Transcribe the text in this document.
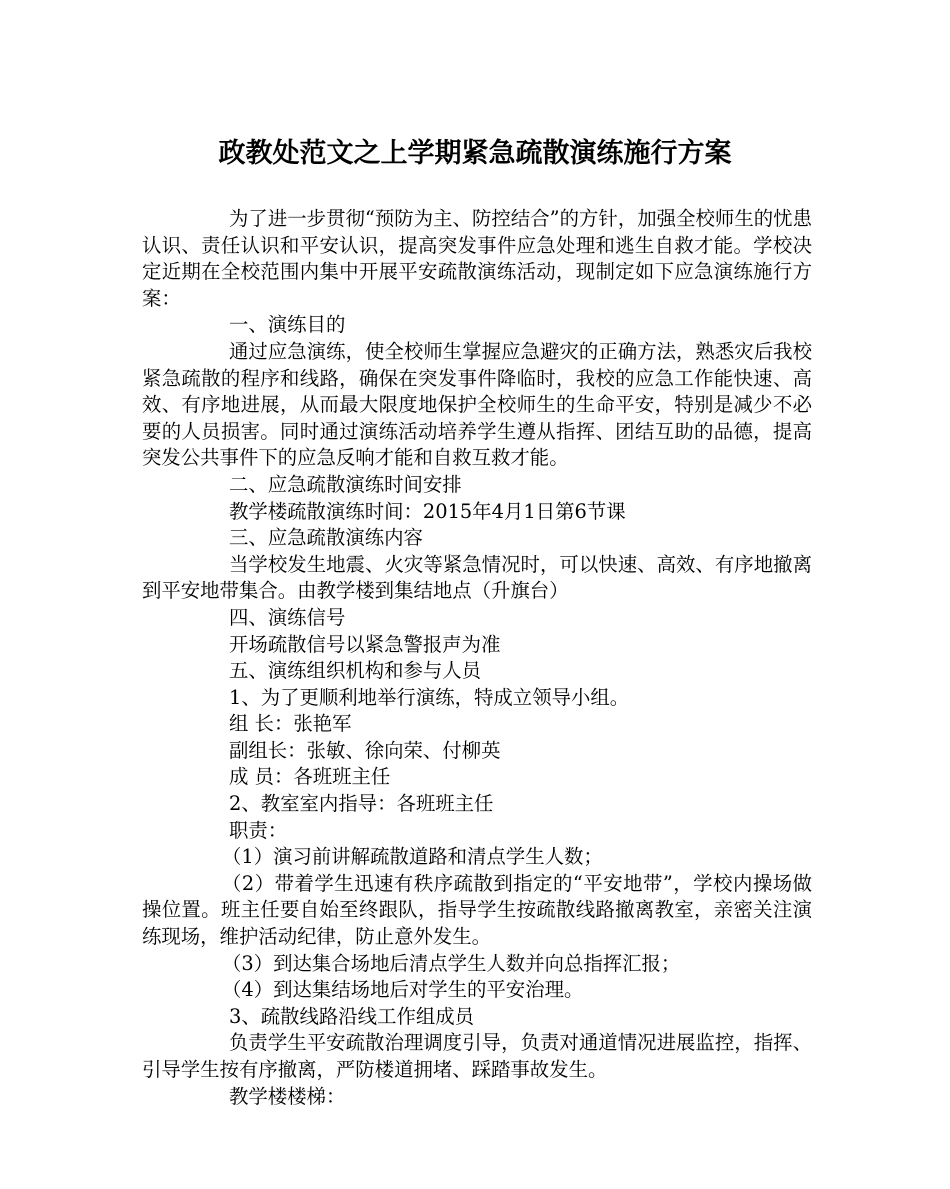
政教处范文之上学期紧急疏散演练施行方案

为了进一步贯彻“预防为主、防控结合”的方针，加强全校师生的忧患认识、责任认识和平安认识，提高突发事件应急处理和逃生自救才能。学校决定近期在全校范围内集中开展平安疏散演练活动，现制定如下应急演练施行方案：

一、演练目的

通过应急演练，使全校师生掌握应急避灾的正确方法，熟悉灾后我校紧急疏散的程序和线路，确保在突发事件降临时，我校的应急工作能快速、高效、有序地进展，从而最大限度地保护全校师生的生命平安，特别是减少不必要的人员损害。同时通过演练活动培养学生遵从指挥、团结互助的品德，提高突发公共事件下的应急反响才能和自救互救才能。

二、应急疏散演练时间安排

教学楼疏散演练时间：2015年4月1日第6节课

三、应急疏散演练内容

当学校发生地震、火灾等紧急情况时，可以快速、高效、有序地撤离到平安地带集合。由教学楼到集结地点（升旗台）

四、演练信号

开场疏散信号以紧急警报声为准

五、演练组织机构和参与人员

1、为了更顺利地举行演练，特成立领导小组。

组 长：张艳军

副组长：张敏、徐向荣、付柳英

成 员：各班班主任

2、教室室内指导：各班班主任

职责：

（1）演习前讲解疏散道路和清点学生人数；

（2）带着学生迅速有秩序疏散到指定的“平安地带”，学校内操场做操位置。班主任要自始至终跟队，指导学生按疏散线路撤离教室，亲密关注演练现场，维护活动纪律，防止意外发生。

（3）到达集合场地后清点学生人数并向总指挥汇报；

（4）到达集结场地后对学生的平安治理。

3、疏散线路沿线工作组成员

负责学生平安疏散治理调度引导，负责对通道情况进展监控，指挥、引导学生按有序撤离，严防楼道拥堵、踩踏事故发生。

教学楼楼梯：
